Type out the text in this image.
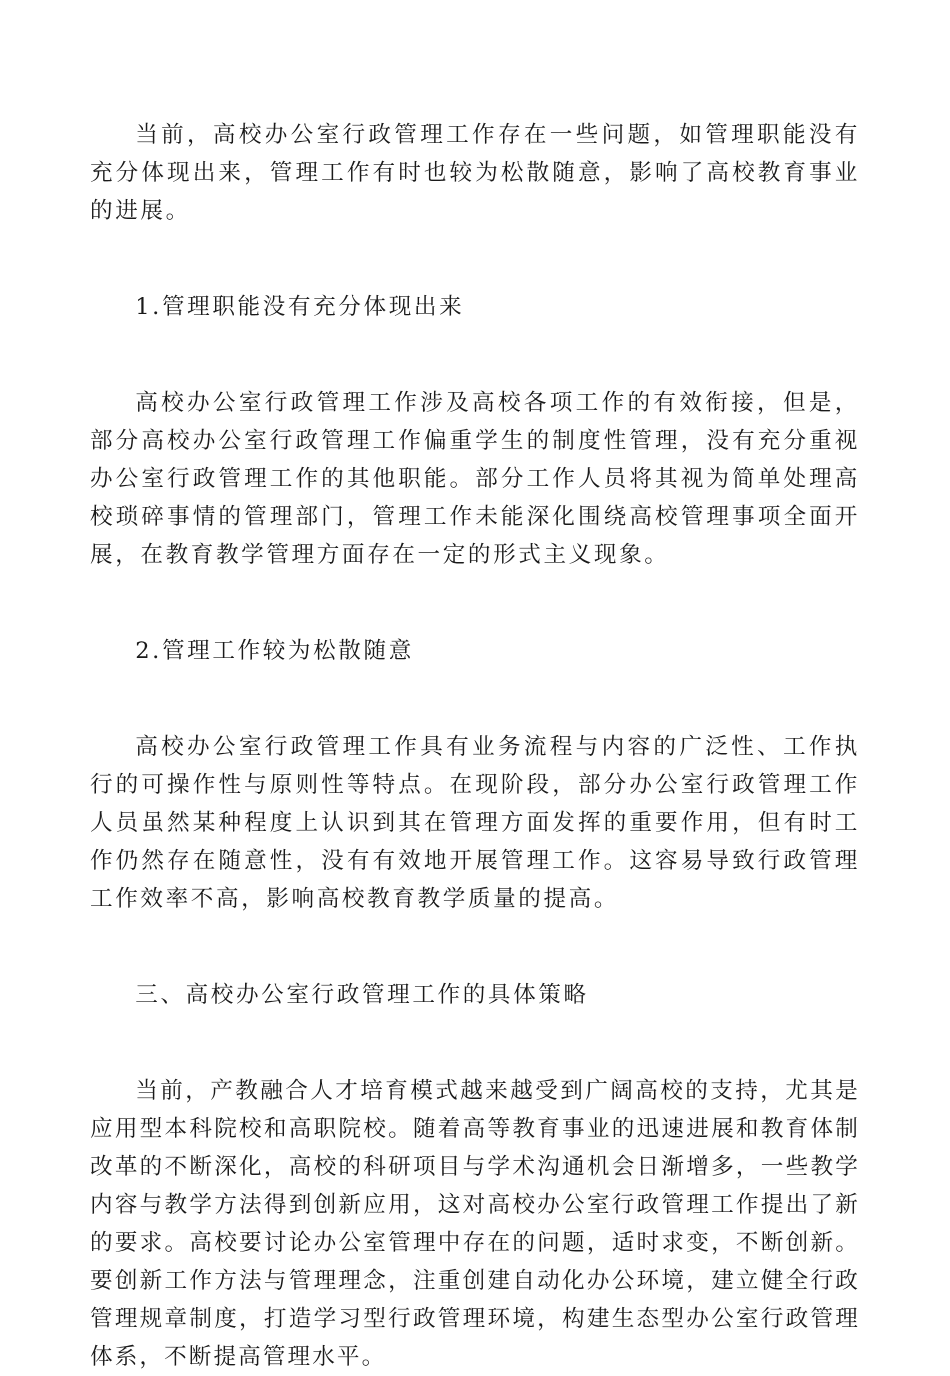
当前，高校办公室行政管理工作存在一些问题，如管理职能没有充分体现出来，管理工作有时也较为松散随意，影响了高校教育事业的进展。

1.管理职能没有充分体现出来

高校办公室行政管理工作涉及高校各项工作的有效衔接，但是，部分高校办公室行政管理工作偏重学生的制度性管理，没有充分重视办公室行政管理工作的其他职能。部分工作人员将其视为简单处理高校琐碎事情的管理部门，管理工作未能深化围绕高校管理事项全面开展，在教育教学管理方面存在一定的形式主义现象。

2.管理工作较为松散随意

高校办公室行政管理工作具有业务流程与内容的广泛性、工作执行的可操作性与原则性等特点。在现阶段，部分办公室行政管理工作人员虽然某种程度上认识到其在管理方面发挥的重要作用，但有时工作仍然存在随意性，没有有效地开展管理工作。这容易导致行政管理工作效率不高，影响高校教育教学质量的提高。

三、高校办公室行政管理工作的具体策略

当前，产教融合人才培育模式越来越受到广阔高校的支持，尤其是应用型本科院校和高职院校。随着高等教育事业的迅速进展和教育体制改革的不断深化，高校的科研项目与学术沟通机会日渐增多，一些教学内容与教学方法得到创新应用，这对高校办公室行政管理工作提出了新的要求。高校要讨论办公室管理中存在的问题，适时求变，不断创新。要创新工作方法与管理理念，注重创建自动化办公环境，建立健全行政管理规章制度，打造学习型行政管理环境，构建生态型办公室行政管理体系，不断提高管理水平。
